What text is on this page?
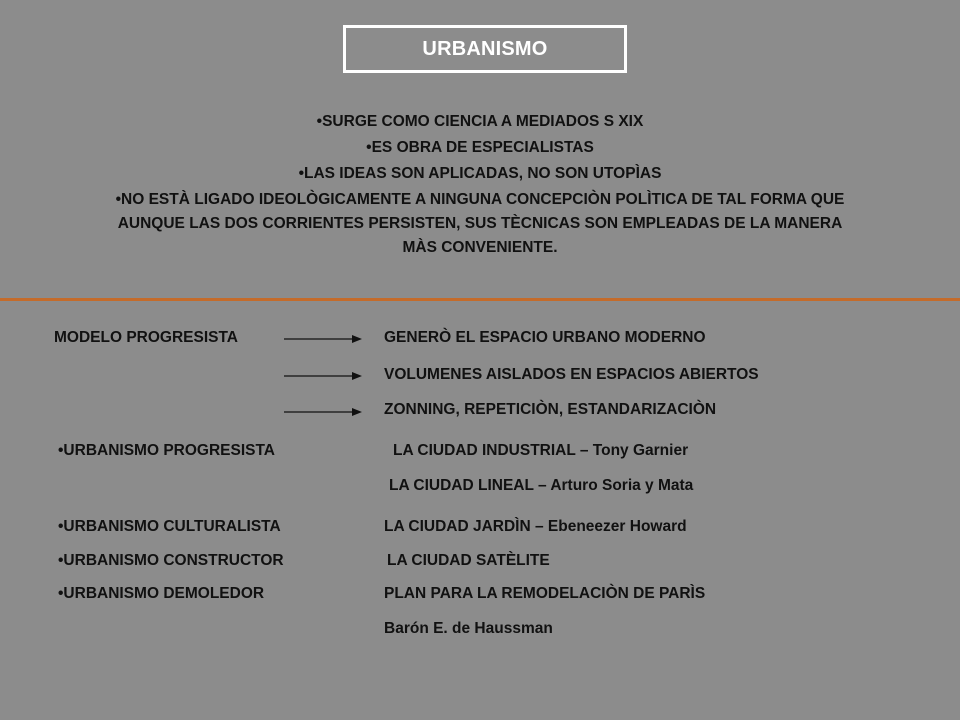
URBANISMO
•SURGE COMO CIENCIA A MEDIADOS S XIX
•ES OBRA DE ESPECIALISTAS
•LAS IDEAS SON APLICADAS, NO SON UTOPÌAS
•NO ESTÀ LIGADO IDEOLÒGICAMENTE A NINGUNA CONCEPCIÒN POLÌTICA DE TAL FORMA QUE AUNQUE LAS DOS CORRIENTES PERSISTEN, SUS TÈCNICAS SON EMPLEADAS DE LA MANERA MÀS CONVENIENTE.
MODELO PROGRESISTA	GENERÒ EL ESPACIO URBANO MODERNO
VOLUMENES AISLADOS EN ESPACIOS ABIERTOS
ZONNING, REPETICIÒN, ESTANDARIZACIÒN
•URBANISMO PROGRESISTA	LA CIUDAD INDUSTRIAL – Tony Garnier
LA CIUDAD LINEAL – Arturo Soria y Mata
•URBANISMO CULTURALISTA	LA CIUDAD JARDÌN – Ebeneezer Howard
•URBANISMO CONSTRUCTOR	LA CIUDAD SATÈLITE
•URBANISMO DEMOLEDOR	PLAN PARA LA REMODELACIÒN DE PARÌS
Barón E. de Haussman
